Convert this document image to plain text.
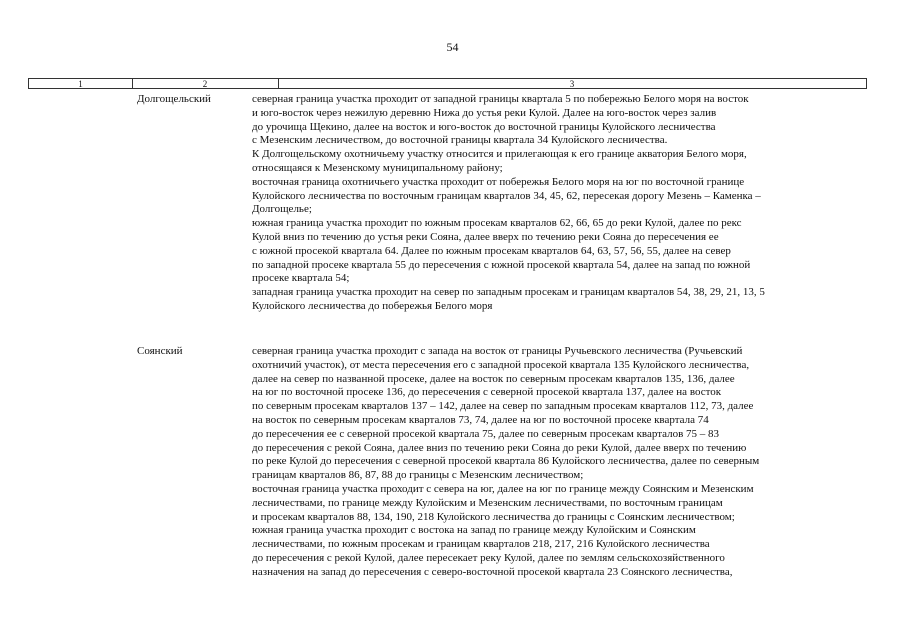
54
1	2	3
Долгощельский	северная граница участка проходит от западной границы квартала 5 по побережью Белого моря на восток
и юго-восток через нежилую деревню Нижа до устья реки Кулой. Далее на юго-восток через залив
до урочища Щекино, далее на восток и юго-восток до восточной границы Кулойского лесничества
с Мезенским лесничеством, до восточной границы квартала 34 Кулойского лесничества.
К Долгощельскому охотничьему участку относится и прилегающая к его границе акватория Белого моря,
относящаяся к Мезенскому муниципальному району;
восточная граница охотничьего участка проходит от побережья Белого моря на юг по восточной границе
Кулойского лесничества по восточным границам кварталов 34, 45, 62, пересекая дорогу Мезень – Каменка –
Долгощелье;
южная граница участка проходит по южным просекам кварталов 62, 66, 65 до реки Кулой, далее по рекс
Кулой вниз по течению до устья реки Сояна, далее вверх по течению реки Сояна до пересечения ее
с южной просекой квартала 64. Далее по южным просекам кварталов 64, 63, 57, 56, 55, далее на север
по западной просеке квартала 55 до пересечения с южной просекой квартала 54, далее на запад по южной
просеке квартала 54;
западная граница участка проходит на север по западным просекам и границам кварталов 54, 38, 29, 21, 13, 5
Кулойского лесничества до побережья Белого моря
Соянский	северная граница участка проходит с запада на восток от границы Ручьевского лесничества (Ручьевский
охотничий участок), от места пересечения его с западной просекой квартала 135 Кулойского лесничества,
далее на север по названной просеке, далее на восток по северным просекам кварталов 135, 136, далее
на юг по восточной просеке 136, до пересечения с северной просекой квартала 137, далее на восток
по северным просекам кварталов 137 – 142, далее на север по западным просекам кварталов 112, 73, далее
на восток по северным просекам кварталов 73, 74, далее на юг по восточной просеке квартала 74
до пересечения ее с северной просекой квартала 75, далее по северным просекам кварталов 75 – 83
до пересечения с рекой Сояна, далее вниз по течению реки Сояна до реки Кулой, далее вверх по течению
по реке Кулой до пересечения с северной просекой квартала 86 Кулойского лесничества, далее по северным
границам кварталов 86, 87, 88 до границы с Мезенским лесничеством;
восточная граница участка проходит с севера на юг, далее на юг по границе между Соянским и Мезенским
лесничествами, по границе между Кулойским и Мезенским лесничествами, по восточным границам
и просекам кварталов 88, 134, 190, 218 Кулойского лесничества до границы с Соянским лесничеством;
южная граница участка проходит с востока на запад по границе между Кулойским и Соянским
лесничествами, по южным просекам и границам кварталов 218, 217, 216 Кулойского лесничества
до пересечения с рекой Кулой, далее пересекает реку Кулой, далее по землям сельскохозяйственного
назначения на запад до пересечения с северо-восточной просекой квартала 23 Соянского лесничества,
